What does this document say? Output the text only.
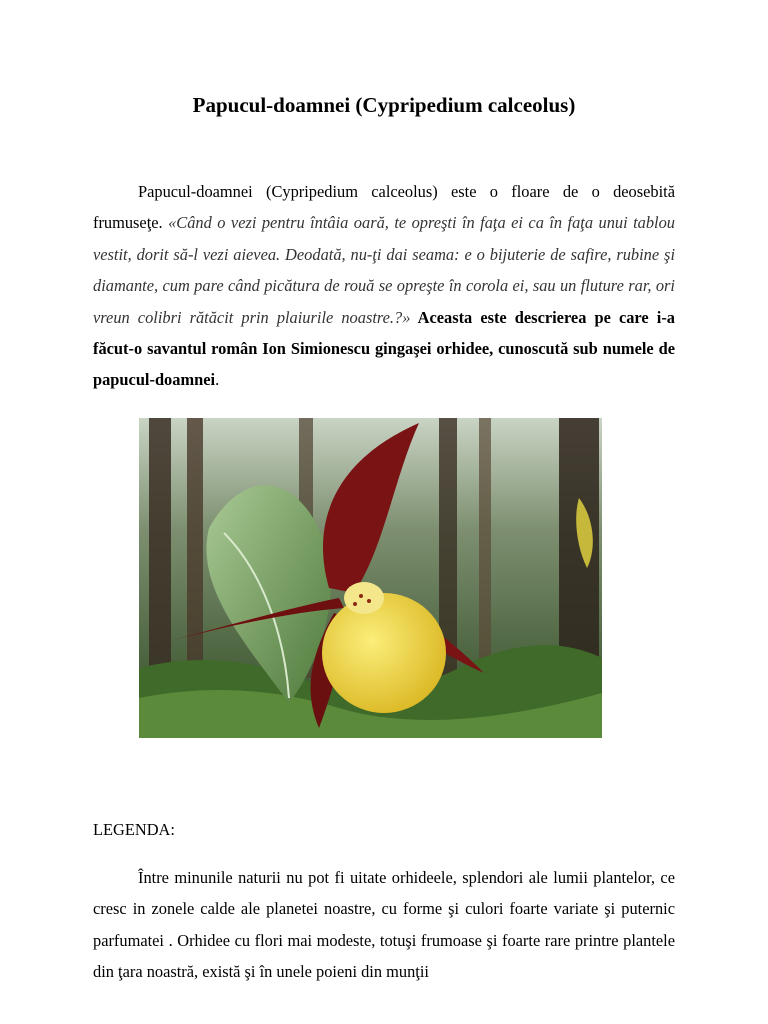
Papucul-doamnei (Cypripedium calceolus)

Papucul-doamnei (Cypripedium calceolus) este o floare de o deosebită frumuseţe. «Când o vezi pentru întâia oară, te opreşti în faţa ei ca în faţa unui tablou vestit, dorit să-l vezi aievea. Deodată, nu-ţi dai seama: e o bijuterie de safire, rubine şi diamante, cum pare când picătura de rouă se opreşte în corola ei, sau un fluture rar, ori vreun colibri rătăcit prin plaiurile noastre.?» Aceasta este descrierea pe care i-a făcut-o savantul român Ion Simionescu gingaşei orhidee, cunoscută sub numele de papucul-doamnei.

LEGENDA:

Între minunile naturii nu pot fi uitate orhideele, splendori ale lumii plantelor, ce cresc in zonele calde ale planetei noastre, cu forme şi culori foarte variate şi puternic parfumatei . Orhidee cu flori mai modeste, totuşi frumoase şi foarte rare printre plantele din ţara noastră, există şi în unele poieni din munţii
